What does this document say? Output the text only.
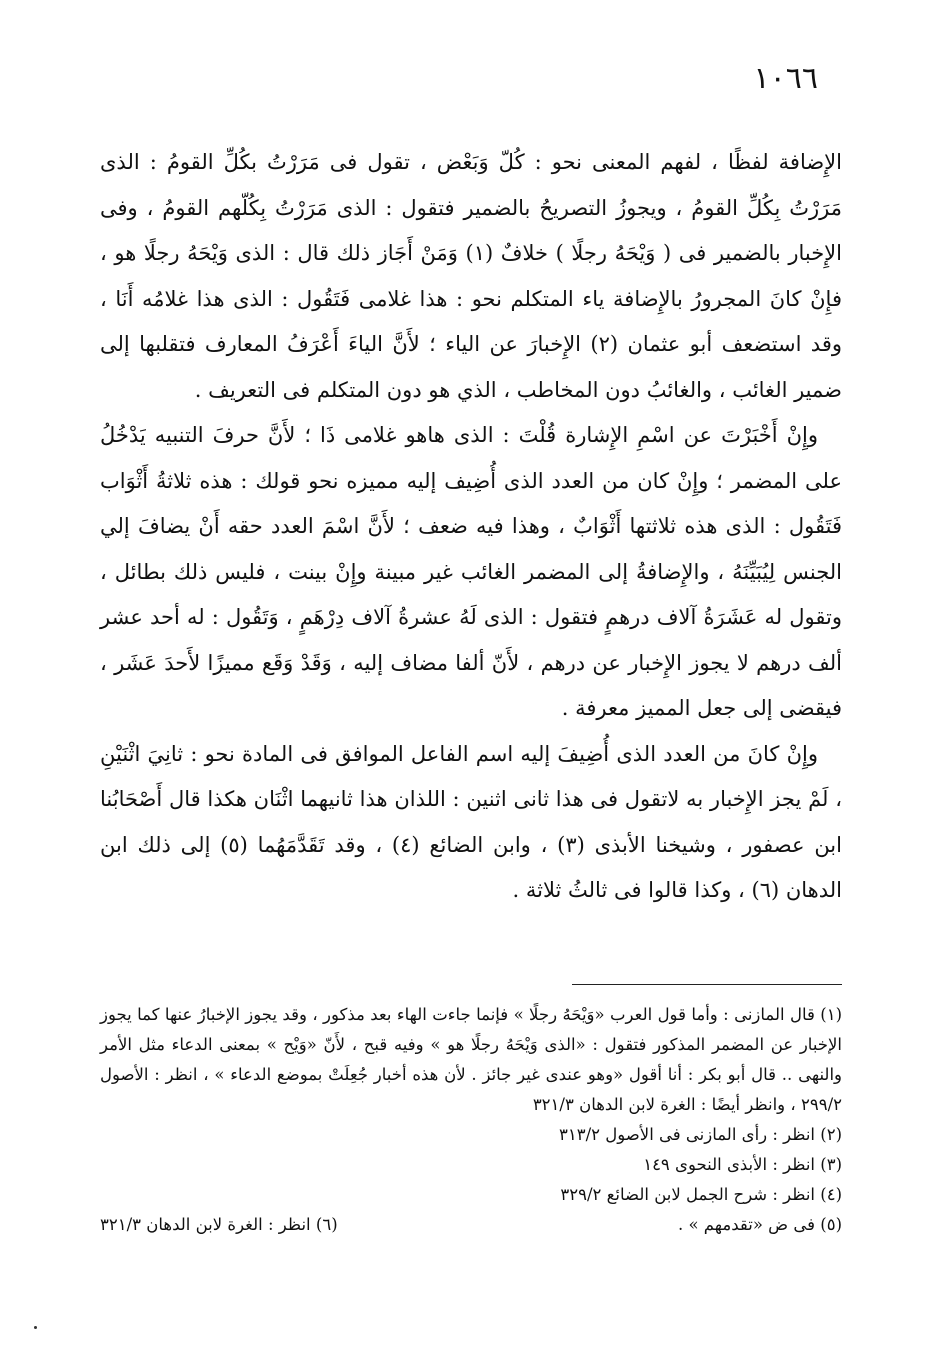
١٠٦٦

الإِضافة لفظًا ، لفهم المعنى نحو : كُلّ وَبَعْض ، تقول فى مَرَرْتُ بكُلِّ القومُ : الذى مَرَرْتُ بِكُلِّ القومُ ، ويجوزُ التصريحُ بالضمير فتقول : الذى مَرَرْتُ بِكُلّهم القومُ ، وفى الإِخبار بالضمير فى ( وَيْحَهُ رجلًا ) خلافٌ (١) وَمَنْ أَجَاز ذلك قال : الذى وَيْحَهُ رجلًا هو ، فإِنْ كانَ المجرورُ بالإِضافة ياء المتكلم نحو : هذا غلامى فَتَقُول : الذى هذا غلامُه أَنَا ، وقد استضعف أبو عثمان (٢) الإِخبارَ عن الياء ؛ لأَنَّ الياءَ أَعْرَفُ المعارف فتقلبها إلى ضمير الغائب ، والغائبُ دون المخاطب ، الذي هو دون المتكلم فى التعريف .

وإِنْ أَخْبَرْتَ عن اسْمِ الإِشارة قُلْتَ : الذى هاهو غلامى ذَا ؛ لأَنَّ حرفَ التنبيه يَدْخُلُ على المضمر ؛ وإِنْ كان من العدد الذى أُضِيف إليه مميزه نحو قولك : هذه ثلاثةُ أَثْوَاب فَتَقُول : الذى هذه ثلاثتها أَثْوَابٌ ، وهذا فيه ضعف ؛ لأَنَّ اسْمَ العدد حقه أَنْ يضافَ إلي الجنس لِيُبَيِّنَهُ ، والإِضافةُ إلى المضمر الغائب غير مبينة وإِنْ بينت ، فليس ذلك بطائل ، وتقول له عَشَرَةُ آلاف درهمٍ فتقول : الذى لَهُ عشرةُ آلاف دِرْهَمٍ ، وَتَقُول : له أحد عشر ألف درهم لا يجوز الإِخبار عن درهم ، لأَنّ ألفا مضاف إليه ، وَقَدْ وَقَع مميزًا لأَحدَ عَشَر ، فيقضى إلى جعل المميز معرفة .

وإِنْ كانَ من العدد الذى أُضِيفَ إليه اسم الفاعل الموافق فى المادة نحو : ثانِيَ اثْنَيْنِ ، لَمْ يجز الإِخبار به لاتقول فى هذا ثانى اثنين : اللذان هذا ثانيهما اثْنَان هكذا قال أَصْحَابُنا ابن عصفور ، وشيخنا الأبذى (٣) ، وابن الضائع (٤) ، وقد تَقَدَّمَهُما (٥) إلى ذلك ابن الدهان (٦) ، وكذا قالوا فى ثالثُ ثلاثة .

(١) قال المازنى : وأما قول العرب «وَيْحَهُ رجلًا » فإنما جاءت الهاء بعد مذكور ، وقد يجوز الإخبارُ عنها كما يجوز الإخبار عن المضمر المذكور فتقول : «الذى وَيْحَهُ رجلًا هو » وفيه قبح ، لأَنّ «وَيْح » بمعنى الدعاء مثل الأمر والنهى .. قال أبو بكر : أنا أقول «وهو عندى غير جائز . لأن هذه أخبار جُعِلَتْ بموضع الدعاء » ، انظر : الأصول ٢٩٩/٢ ، وانظر أيضًا : الغرة لابن الدهان ٣٢١/٣

(٢) انظر : رأى المازنى فى الأصول ٣١٣/٢

(٣) انظر : الأبذى النحوى ١٤٩

(٤) انظر : شرح الجمل لابن الضائع ٣٢٩/٢

(٥) فى ض «تقدمهم » .
(٦) انظر : الغرة لابن الدهان ٣٢١/٣
